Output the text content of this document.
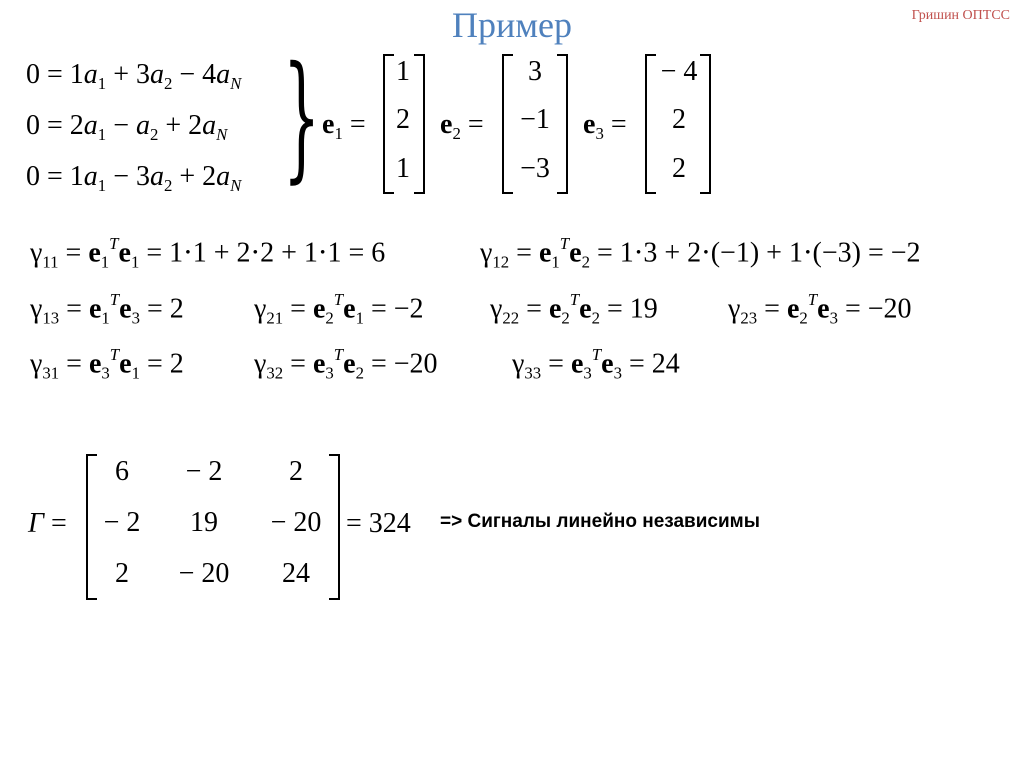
Пример	Гришин ОПТСС
$0 = 1a_1 + 3a_2 - 4a_N$
$0 = 2a_1 - a_2 + 2a_N$
$0 = 1a_1 - 3a_2 + 2a_N$ } $e_1$ =
1
2
1
$e_2$ =
3
−1
−3
$e_3$ =
− 4
2
2
$\gamma_{11} = e_1^Te_1 = 1\cdot 1 + 2\cdot 2 + 1\cdot 1 = 6$	$\gamma_{12} = e_1^Te_2 = 1\cdot 3 + 2\cdot(-1) + 1\cdot(-3) = -2$
$\gamma_{13} = e_1^Te_3 = 2$	$\gamma_{21} = e_2^Te_1 = -2$ $\gamma_{22} = e_2^Te_2 = 19$	$\gamma_{23} = e_2^Te_3 = -20$
$\gamma_{31} = e_3^Te_1 = 2$	$\gamma_{32} = e_3^Te_2 = -20$	$\gamma_{33} = e_3^Te_3 = 24$
Γ =
6	− 2	2
− 2	19	− 20
2	− 20	24
= 324 => Сигналы линейно независимы
